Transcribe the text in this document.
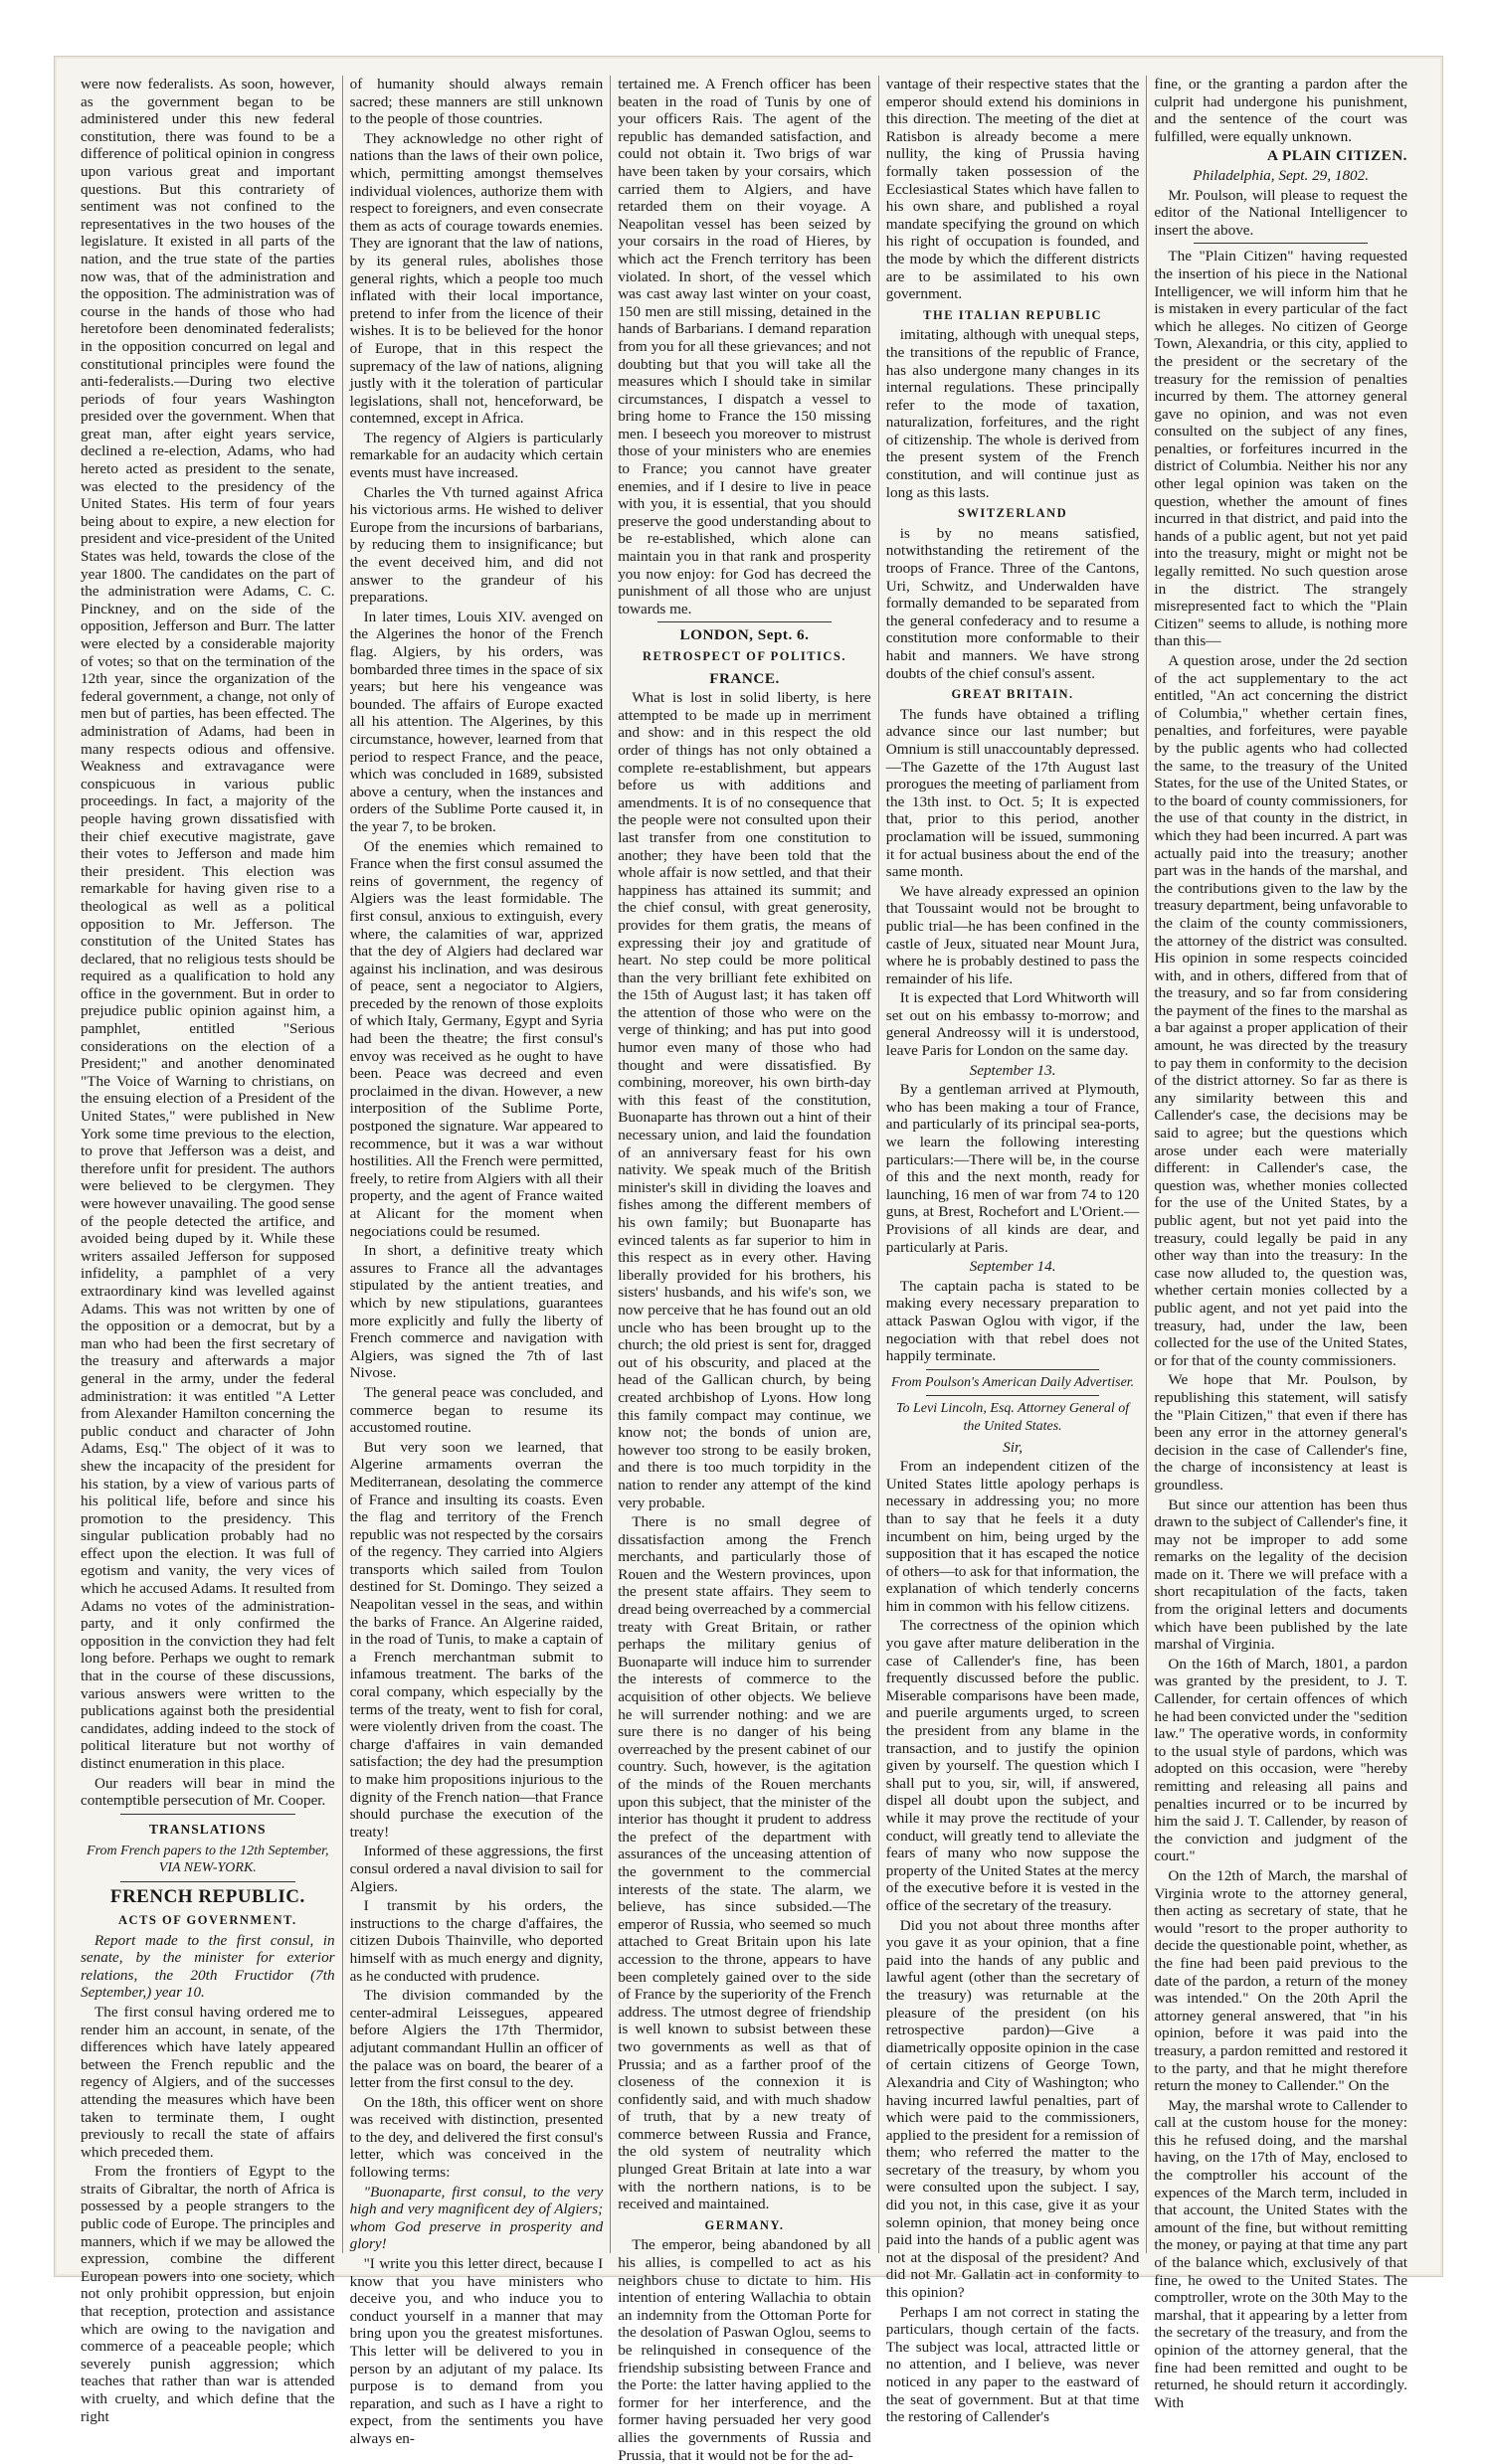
were now federalists. As soon, however, as the government began to be administered under this new federal constitution, there was found to be a difference of political opinion in congress upon various great and important questions. But this contrariety of sentiment was not confined to the representatives in the two houses of the legislature. It existed in all parts of the nation, and the true state of the parties now was, that of the administration and the opposition. The administration was of course in the hands of those who had heretofore been denominated federalists; in the opposition concurred on legal and constitutional principles were found the anti-federalists.—During two elective periods of four years Washington presided over the government. When that great man, after eight years service, declined a re-election, Adams, who had hereto acted as president to the senate, was elected to the presidency of the United States. His term of four years being about to expire, a new election for president and vice-president of the United States was held, towards the close of the year 1800. The candidates on the part of the administration were Adams, C. C. Pinckney, and on the side of the opposition, Jefferson and Burr. The latter were elected by a considerable majority of votes; so that on the termination of the 12th year, since the organization of the federal government, a change, not only of men but of parties, has been effected. The administration of Adams, had been in many respects odious and offensive. Weakness and extravagance were conspicuous in various public proceedings. In fact, a majority of the people having grown dissatisfied with their chief executive magistrate, gave their votes to Jefferson and made him their president. This election was remarkable for having given rise to a theological as well as a political opposition to Mr. Jefferson. The constitution of the United States has declared, that no religious tests should be required as a qualification to hold any office in the government. But in order to prejudice public opinion against him, a pamphlet, entitled "Serious considerations on the election of a President;" and another denominated "The Voice of Warning to christians, on the ensuing election of a President of the United States," were published in New York some time previous to the election, to prove that Jefferson was a deist, and therefore unfit for president. The authors were believed to be clergymen. They were however unavailing. The good sense of the people detected the artifice, and avoided being duped by it. While these writers assailed Jefferson for supposed infidelity, a pamphlet of a very extraordinary kind was levelled against Adams. This was not written by one of the opposition or a democrat, but by a man who had been the first secretary of the treasury and afterwards a major general in the army, under the federal administration: it was entitled "A Letter from Alexander Hamilton concerning the public conduct and character of John Adams, Esq." The object of it was to shew the incapacity of the president for his station, by a view of various parts of his political life, before and since his promotion to the presidency. This singular publication probably had no effect upon the election. It was full of egotism and vanity, the very vices of which he accused Adams. It resulted from Adams no votes of the administration-party, and it only confirmed the opposition in the conviction they had felt long before. Perhaps we ought to remark that in the course of these discussions, various answers were written to the publications against both the presidential candidates, adding indeed to the stock of political literature but not worthy of distinct enumeration in this place.

Our readers will bear in mind the contemptible persecution of Mr. Cooper.

TRANSLATIONS

From French papers to the 12th September, VIA NEW-YORK.

FRENCH REPUBLIC.

ACTS OF GOVERNMENT.

Report made to the first consul, in senate, by the minister for exterior relations, the 20th Fructidor (7th September,) year 10.

The first consul having ordered me to render him an account, in senate, of the differences which have lately appeared between the French republic and the regency of Algiers, and of the successes attending the measures which have been taken to terminate them, I ought previously to recall the state of affairs which preceded them.

From the frontiers of Egypt to the straits of Gibraltar, the north of Africa is possessed by a people strangers to the public code of Europe. The principles and manners, which if we may be allowed the expression, combine the different European powers into one society, which not only prohibit oppression, but enjoin that reception, protection and assistance which are owing to the navigation and commerce of a peaceable people; which severely punish aggression; which teaches that rather than war is attended with cruelty, and which define that the right

of humanity should always remain sacred; these manners are still unknown to the people of those countries.

They acknowledge no other right of nations than the laws of their own police, which, permitting amongst themselves individual violences, authorize them with respect to foreigners, and even consecrate them as acts of courage towards enemies. They are ignorant that the law of nations, by its general rules, abolishes those general rights, which a people too much inflated with their local importance, pretend to infer from the licence of their wishes. It is to be believed for the honor of Europe, that in this respect the supremacy of the law of nations, aligning justly with it the toleration of particular legislations, shall not, henceforward, be contemned, except in Africa.

The regency of Algiers is particularly remarkable for an audacity which certain events must have increased.

Charles the Vth turned against Africa his victorious arms. He wished to deliver Europe from the incursions of barbarians, by reducing them to insignificance; but the event deceived him, and did not answer to the grandeur of his preparations.

In later times, Louis XIV. avenged on the Algerines the honor of the French flag. Algiers, by his orders, was bombarded three times in the space of six years; but here his vengeance was bounded. The affairs of Europe exacted all his attention. The Algerines, by this circumstance, however, learned from that period to respect France, and the peace, which was concluded in 1689, subsisted above a century, when the instances and orders of the Sublime Porte caused it, in the year 7, to be broken.

Of the enemies which remained to France when the first consul assumed the reins of government, the regency of Algiers was the least formidable. The first consul, anxious to extinguish, every where, the calamities of war, apprized that the dey of Algiers had declared war against his inclination, and was desirous of peace, sent a negociator to Algiers, preceded by the renown of those exploits of which Italy, Germany, Egypt and Syria had been the theatre; the first consul's envoy was received as he ought to have been. Peace was decreed and even proclaimed in the divan. However, a new interposition of the Sublime Porte, postponed the signature. War appeared to recommence, but it was a war without hostilities. All the French were permitted, freely, to retire from Algiers with all their property, and the agent of France waited at Alicant for the moment when negociations could be resumed.

In short, a definitive treaty which assures to France all the advantages stipulated by the antient treaties, and which by new stipulations, guarantees more explicitly and fully the liberty of French commerce and navigation with Algiers, was signed the 7th of last Nivose.

The general peace was concluded, and commerce began to resume its accustomed routine.

But very soon we learned, that Algerine armaments overran the Mediterranean, desolating the commerce of France and insulting its coasts. Even the flag and territory of the French republic was not respected by the corsairs of the regency. They carried into Algiers transports which sailed from Toulon destined for St. Domingo. They seized a Neapolitan vessel in the seas, and within the barks of France. An Algerine raided, in the road of Tunis, to make a captain of a French merchantman submit to infamous treatment. The barks of the coral company, which especially by the terms of the treaty, went to fish for coral, were violently driven from the coast. The charge d'affaires in vain demanded satisfaction; the dey had the presumption to make him propositions injurious to the dignity of the French nation—that France should purchase the execution of the treaty!

Informed of these aggressions, the first consul ordered a naval division to sail for Algiers.

I transmit by his orders, the instructions to the charge d'affaires, the citizen Dubois Thainville, who deported himself with as much energy and dignity, as he conducted with prudence.

The division commanded by the center-admiral Leissegues, appeared before Algiers the 17th Thermidor, adjutant commandant Hullin an officer of the palace was on board, the bearer of a letter from the first consul to the dey.

On the 18th, this officer went on shore was received with distinction, presented to the dey, and delivered the first consul's letter, which was conceived in the following terms:

"Buonaparte, first consul, to the very high and very magnificent dey of Algiers; whom God preserve in prosperity and glory!

"I write you this letter direct, because I know that you have ministers who deceive you, and who induce you to conduct yourself in a manner that may bring upon you the greatest misfortunes. This letter will be delivered to you in person by an adjutant of my palace. Its purpose is to demand from you reparation, and such as I have a right to expect, from the sentiments you have always en-

tertained me. A French officer has been beaten in the road of Tunis by one of your officers Rais. The agent of the republic has demanded satisfaction, and could not obtain it. Two brigs of war have been taken by your corsairs, which carried them to Algiers, and have retarded them on their voyage. A Neapolitan vessel has been seized by your corsairs in the road of Hieres, by which act the French territory has been violated. In short, of the vessel which was cast away last winter on your coast, 150 men are still missing, detained in the hands of Barbarians. I demand reparation from you for all these grievances; and not doubting but that you will take all the measures which I should take in similar circumstances, I dispatch a vessel to bring home to France the 150 missing men. I beseech you moreover to mistrust those of your ministers who are enemies to France; you cannot have greater enemies, and if I desire to live in peace with you, it is essential, that you should preserve the good understanding about to be re-established, which alone can maintain you in that rank and prosperity you now enjoy: for God has decreed the punishment of all those who are unjust towards me.

LONDON, Sept. 6.

RETROSPECT OF POLITICS.

FRANCE.

What is lost in solid liberty, is here attempted to be made up in merriment and show: and in this respect the old order of things has not only obtained a complete re-establishment, but appears before us with additions and amendments. It is of no consequence that the people were not consulted upon their last transfer from one constitution to another; they have been told that the whole affair is now settled, and that their happiness has attained its summit; and the chief consul, with great generosity, provides for them gratis, the means of expressing their joy and gratitude of heart. No step could be more political than the very brilliant fete exhibited on the 15th of August last; it has taken off the attention of those who were on the verge of thinking; and has put into good humor even many of those who had thought and were dissatisfied. By combining, moreover, his own birth-day with this feast of the constitution, Buonaparte has thrown out a hint of their necessary union, and laid the foundation of an anniversary feast for his own nativity. We speak much of the British minister's skill in dividing the loaves and fishes among the different members of his own family; but Buonaparte has evinced talents as far superior to him in this respect as in every other. Having liberally provided for his brothers, his sisters' husbands, and his wife's son, we now perceive that he has found out an old uncle who has been brought up to the church; the old priest is sent for, dragged out of his obscurity, and placed at the head of the Gallican church, by being created archbishop of Lyons. How long this family compact may continue, we know not; the bonds of union are, however too strong to be easily broken, and there is too much torpidity in the nation to render any attempt of the kind very probable.

There is no small degree of dissatisfaction among the French merchants, and particularly those of Rouen and the Western provinces, upon the present state affairs. They seem to dread being overreached by a commercial treaty with Great Britain, or rather perhaps the military genius of Buonaparte will induce him to surrender the interests of commerce to the acquisition of other objects. We believe he will surrender nothing: and we are sure there is no danger of his being overreached by the present cabinet of our country. Such, however, is the agitation of the minds of the Rouen merchants upon this subject, that the minister of the interior has thought it prudent to address the prefect of the department with assurances of the unceasing attention of the government to the commercial interests of the state. The alarm, we believe, has since subsided.—The emperor of Russia, who seemed so much attached to Great Britain upon his late accession to the throne, appears to have been completely gained over to the side of France by the superiority of the French address. The utmost degree of friendship is well known to subsist between these two governments as well as that of Prussia; and as a farther proof of the closeness of the connexion it is confidently said, and with much shadow of truth, that by a new treaty of commerce between Russia and France, the old system of neutrality which plunged Great Britain at late into a war with the northern nations, is to be received and maintained.

GERMANY.

The emperor, being abandoned by all his allies, is compelled to act as his neighbors chuse to dictate to him. His intention of entering Wallachia to obtain an indemnity from the Ottoman Porte for the desolation of Paswan Oglou, seems to be relinquished in consequence of the friendship subsisting between France and the Porte: the latter having applied to the former for her interference, and the former having persuaded her very good allies the governments of Russia and Prussia, that it would not be for the ad-

vantage of their respective states that the emperor should extend his dominions in this direction. The meeting of the diet at Ratisbon is already become a mere nullity, the king of Prussia having formally taken possession of the Ecclesiastical States which have fallen to his own share, and published a royal mandate specifying the ground on which his right of occupation is founded, and the mode by which the different districts are to be assimilated to his own government.

THE ITALIAN REPUBLIC

imitating, although with unequal steps, the transitions of the republic of France, has also undergone many changes in its internal regulations. These principally refer to the mode of taxation, naturalization, forfeitures, and the right of citizenship. The whole is derived from the present system of the French constitution, and will continue just as long as this lasts.

SWITZERLAND

is by no means satisfied, notwithstanding the retirement of the troops of France. Three of the Cantons, Uri, Schwitz, and Underwalden have formally demanded to be separated from the general confederacy and to resume a constitution more conformable to their habit and manners. We have strong doubts of the chief consul's assent.

GREAT BRITAIN.

The funds have obtained a trifling advance since our last number; but Omnium is still unaccountably depressed.—The Gazette of the 17th August last prorogues the meeting of parliament from the 13th inst. to Oct. 5; It is expected that, prior to this period, another proclamation will be issued, summoning it for actual business about the end of the same month.

We have already expressed an opinion that Toussaint would not be brought to public trial—he has been confined in the castle of Jeux, situated near Mount Jura, where he is probably destined to pass the remainder of his life.

It is expected that Lord Whitworth will set out on his embassy to-morrow; and general Andreossy will it is understood, leave Paris for London on the same day.

September 13.

By a gentleman arrived at Plymouth, who has been making a tour of France, and particularly of its principal sea-ports, we learn the following interesting particulars:—There will be, in the course of this and the next month, ready for launching, 16 men of war from 74 to 120 guns, at Brest, Rochefort and L'Orient.—Provisions of all kinds are dear, and particularly at Paris.

September 14.

The captain pacha is stated to be making every necessary preparation to attack Paswan Oglou with vigor, if the negociation with that rebel does not happily terminate.

From Poulson's American Daily Advertiser.

To Levi Lincoln, Esq. Attorney General of the United States.

Sir,

From an independent citizen of the United States little apology perhaps is necessary in addressing you; no more than to say that he feels it a duty incumbent on him, being urged by the supposition that it has escaped the notice of others—to ask for that information, the explanation of which tenderly concerns him in common with his fellow citizens.

The correctness of the opinion which you gave after mature deliberation in the case of Callender's fine, has been frequently discussed before the public. Miserable comparisons have been made, and puerile arguments urged, to screen the president from any blame in the transaction, and to justify the opinion given by yourself. The question which I shall put to you, sir, will, if answered, dispel all doubt upon the subject, and while it may prove the rectitude of your conduct, will greatly tend to alleviate the fears of many who now suppose the property of the United States at the mercy of the executive before it is vested in the office of the secretary of the treasury.

Did you not about three months after you gave it as your opinion, that a fine paid into the hands of any public and lawful agent (other than the secretary of the treasury) was returnable at the pleasure of the president (on his retrospective pardon)—Give a diametrically opposite opinion in the case of certain citizens of George Town, Alexandria and City of Washington; who having incurred lawful penalties, part of which were paid to the commissioners, applied to the president for a remission of them; who referred the matter to the secretary of the treasury, by whom you were consulted upon the subject. I say, did you not, in this case, give it as your solemn opinion, that money being once paid into the hands of a public agent was not at the disposal of the president? And did not Mr. Gallatin act in conformity to this opinion?

Perhaps I am not correct in stating the particulars, though certain of the facts. The subject was local, attracted little or no attention, and I believe, was never noticed in any paper to the eastward of the seat of government. But at that time the restoring of Callender's

fine, or the granting a pardon after the culprit had undergone his punishment, and the sentence of the court was fulfilled, were equally unknown.

A PLAIN CITIZEN.

Philadelphia, Sept. 29, 1802.

Mr. Poulson, will please to request the editor of the National Intelligencer to insert the above.

The "Plain Citizen" having requested the insertion of his piece in the National Intelligencer, we will inform him that he is mistaken in every particular of the fact which he alleges. No citizen of George Town, Alexandria, or this city, applied to the president or the secretary of the treasury for the remission of penalties incurred by them. The attorney general gave no opinion, and was not even consulted on the subject of any fines, penalties, or forfeitures incurred in the district of Columbia. Neither his nor any other legal opinion was taken on the question, whether the amount of fines incurred in that district, and paid into the hands of a public agent, but not yet paid into the treasury, might or might not be legally remitted. No such question arose in the district. The strangely misrepresented fact to which the "Plain Citizen" seems to allude, is nothing more than this—

A question arose, under the 2d section of the act supplementary to the act entitled, "An act concerning the district of Columbia," whether certain fines, penalties, and forfeitures, were payable by the public agents who had collected the same, to the treasury of the United States, for the use of the United States, or to the board of county commissioners, for the use of that county in the district, in which they had been incurred. A part was actually paid into the treasury; another part was in the hands of the marshal, and the contributions given to the law by the treasury department, being unfavorable to the claim of the county commissioners, the attorney of the district was consulted. His opinion in some respects coincided with, and in others, differed from that of the treasury, and so far from considering the payment of the fines to the marshal as a bar against a proper application of their amount, he was directed by the treasury to pay them in conformity to the decision of the district attorney. So far as there is any similarity between this and Callender's case, the decisions may be said to agree; but the questions which arose under each were materially different: in Callender's case, the question was, whether monies collected for the use of the United States, by a public agent, but not yet paid into the treasury, could legally be paid in any other way than into the treasury: In the case now alluded to, the question was, whether certain monies collected by a public agent, and not yet paid into the treasury, had, under the law, been collected for the use of the United States, or for that of the county commissioners.

We hope that Mr. Poulson, by republishing this statement, will satisfy the "Plain Citizen," that even if there has been any error in the attorney general's decision in the case of Callender's fine, the charge of inconsistency at least is groundless.

But since our attention has been thus drawn to the subject of Callender's fine, it may not be improper to add some remarks on the legality of the decision made on it. There we will preface with a short recapitulation of the facts, taken from the original letters and documents which have been published by the late marshal of Virginia.

On the 16th of March, 1801, a pardon was granted by the president, to J. T. Callender, for certain offences of which he had been convicted under the "sedition law." The operative words, in conformity to the usual style of pardons, which was adopted on this occasion, were "hereby remitting and releasing all pains and penalties incurred or to be incurred by him the said J. T. Callender, by reason of the conviction and judgment of the court."

On the 12th of March, the marshal of Virginia wrote to the attorney general, then acting as secretary of state, that he would "resort to the proper authority to decide the questionable point, whether, as the fine had been paid previous to the date of the pardon, a return of the money was intended." On the 20th April the attorney general answered, that "in his opinion, before it was paid into the treasury, a pardon remitted and restored it to the party, and that he might therefore return the money to Callender." On the

May, the marshal wrote to Callender to call at the custom house for the money: this he refused doing, and the marshal having, on the 17th of May, enclosed to the comptroller his account of the expences of the March term, included in that account, the United States with the amount of the fine, but without remitting the money, or paying at that time any part of the balance which, exclusively of that fine, he owed to the United States. The comptroller, wrote on the 30th May to the marshal, that it appearing by a letter from the secretary of the treasury, and from the opinion of the attorney general, that the fine had been remitted and ought to be returned, he should return it accordingly. With
